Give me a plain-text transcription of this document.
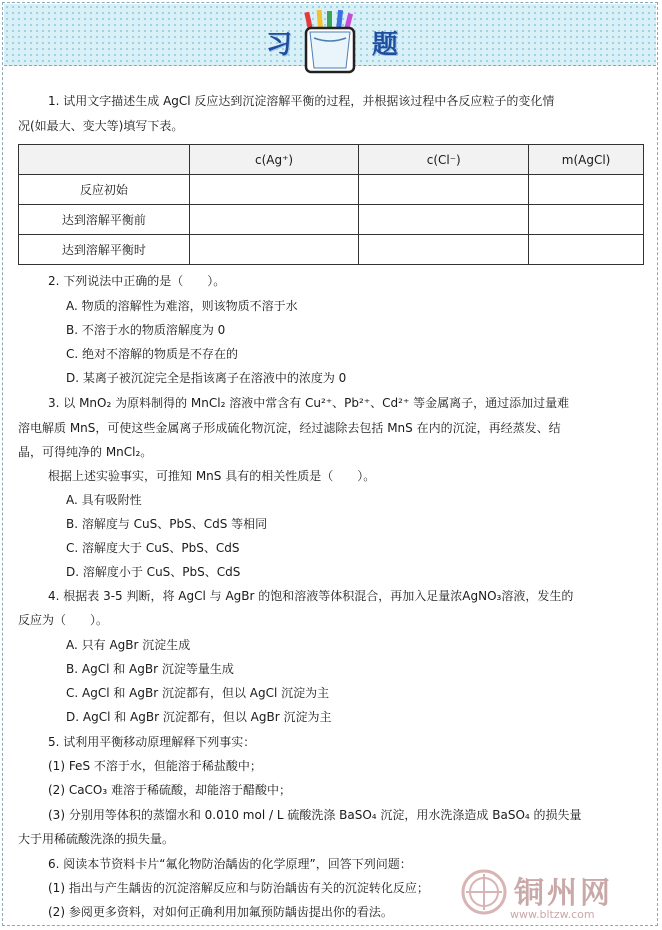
习	题
1. 试用文字描述生成 AgCl 反应达到沉淀溶解平衡的过程，并根据该过程中各反应粒子的变化情
况(如最大、变大等)填写下表。
	c(Ag⁺)	c(Cl⁻)	m(AgCl)
反应初始			
达到溶解平衡前			
达到溶解平衡时			
2. 下列说法中正确的是（　　）。
A. 物质的溶解性为难溶，则该物质不溶于水
B. 不溶于水的物质溶解度为 0
C. 绝对不溶解的物质是不存在的
D. 某离子被沉淀完全是指该离子在溶液中的浓度为 0
3. 以 MnO₂ 为原料制得的 MnCl₂ 溶液中常含有 Cu²⁺、Pb²⁺、Cd²⁺ 等金属离子，通过添加过量难
溶电解质 MnS，可使这些金属离子形成硫化物沉淀，经过滤除去包括 MnS 在内的沉淀，再经蒸发、结
晶，可得纯净的 MnCl₂。
根据上述实验事实，可推知 MnS 具有的相关性质是（　　）。
A. 具有吸附性
B. 溶解度与 CuS、PbS、CdS 等相同
C. 溶解度大于 CuS、PbS、CdS
D. 溶解度小于 CuS、PbS、CdS
4. 根据表 3-5 判断，将 AgCl 与 AgBr 的饱和溶液等体积混合，再加入足量浓AgNO₃溶液，发生的
反应为（　　）。
A. 只有 AgBr 沉淀生成
B. AgCl 和 AgBr 沉淀等量生成
C. AgCl 和 AgBr 沉淀都有，但以 AgCl 沉淀为主
D. AgCl 和 AgBr 沉淀都有，但以 AgBr 沉淀为主
5. 试利用平衡移动原理解释下列事实：
(1) FeS 不溶于水，但能溶于稀盐酸中；
(2) CaCO₃ 难溶于稀硫酸，却能溶于醋酸中；
(3) 分别用等体积的蒸馏水和 0.010 mol / L 硫酸洗涤 BaSO₄ 沉淀，用水洗涤造成 BaSO₄ 的损失量
大于用稀硫酸洗涤的损失量。
6. 阅读本节资料卡片“氟化物防治龋齿的化学原理”，回答下列问题：
(1) 指出与产生龋齿的沉淀溶解反应和与防治龋齿有关的沉淀转化反应；
(2) 参阅更多资料，对如何正确利用加氟预防龋齿提出你的看法。
铜州网
www.bltzw.com
